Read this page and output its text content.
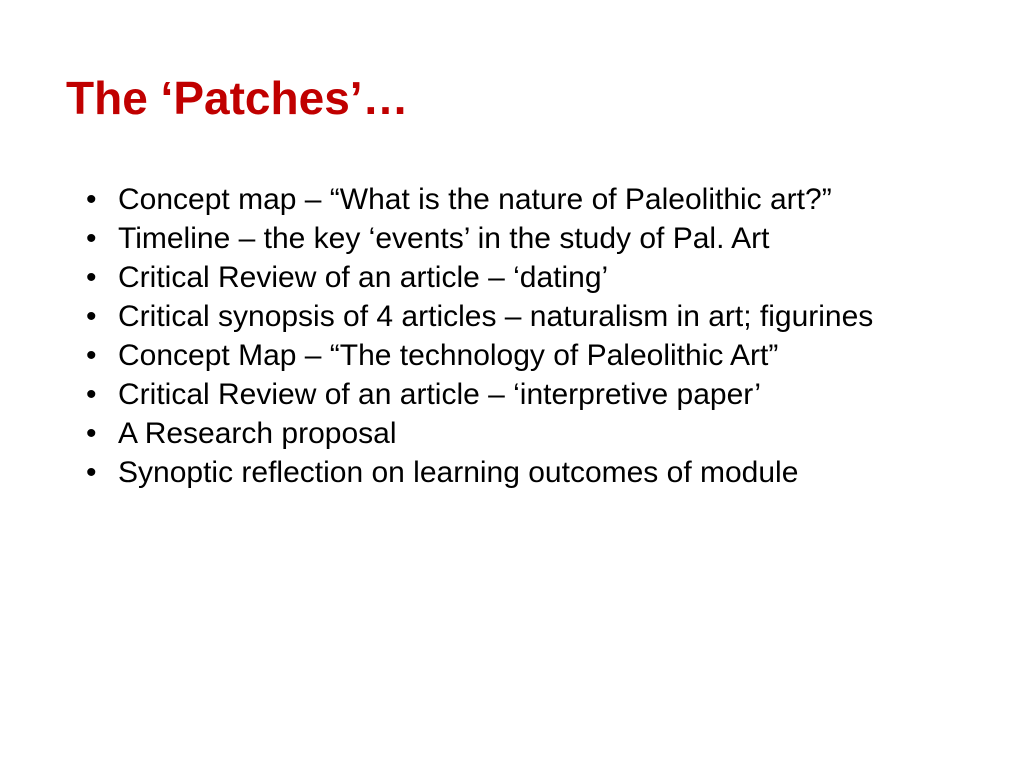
The ‘Patches’…
• Concept map – “What is the nature of Paleolithic art?”
• Timeline – the key ‘events’ in the study of Pal. Art
• Critical Review of an article – ‘dating’
• Critical synopsis of 4 articles – naturalism in art; figurines
• Concept Map – “The technology of Paleolithic Art”
• Critical Review of an article – ‘interpretive paper’
• A Research proposal
• Synoptic reflection on learning outcomes of module
